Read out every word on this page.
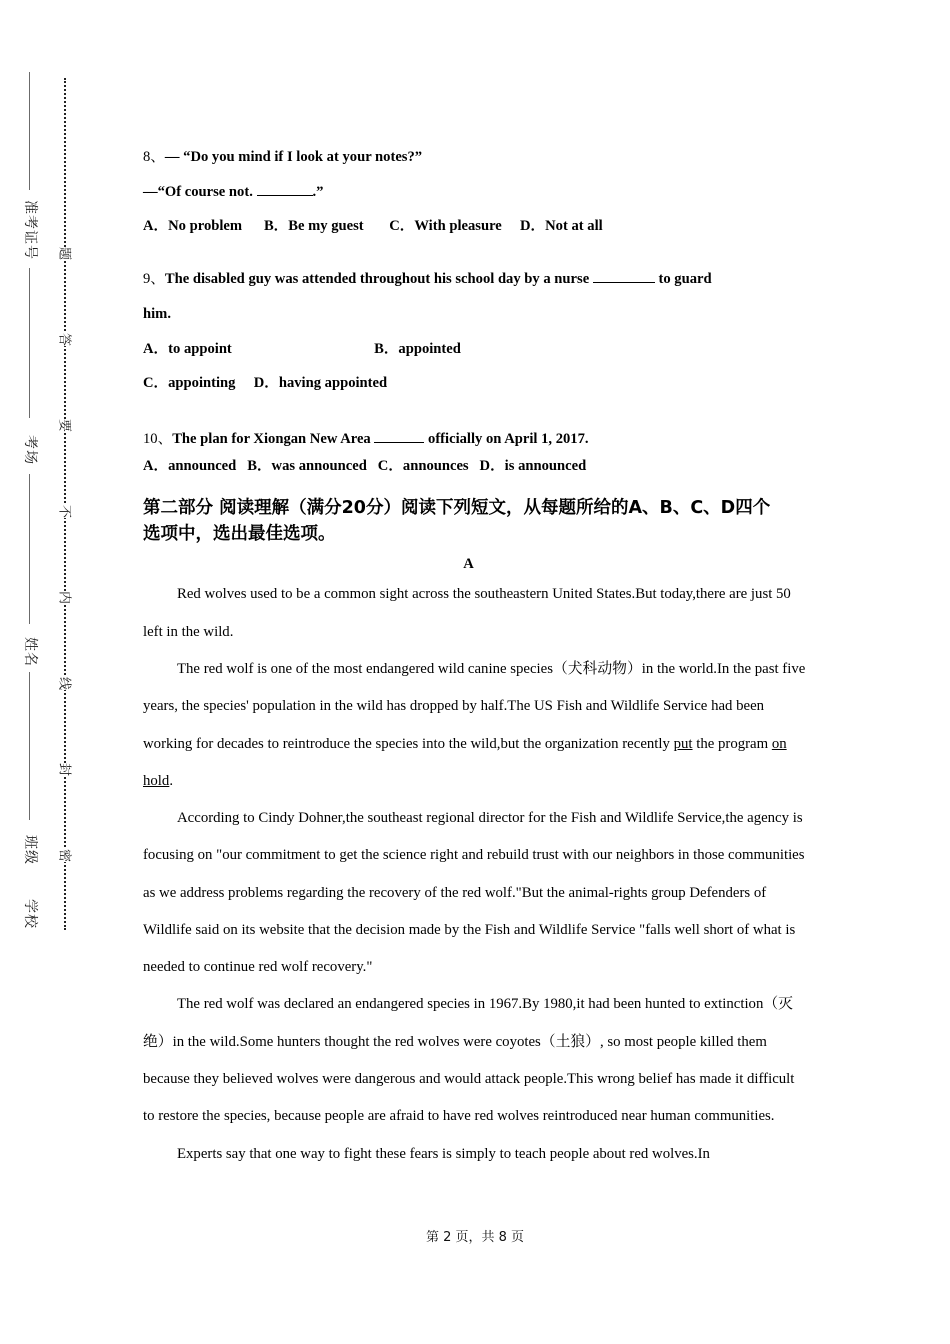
准考证号
考场
姓名
班级
学校
题
答
要
不
内
线
封
密

8、— “Do you mind if I look at your notes?”

—“Of course not.	.”

A．No problem      B．Be my guest       C．With pleasure     D．Not at all

9、The disabled guy was attended throughout his school day by a nurse	to guard

him.

A．to appoint                                       B．appointed

C．appointing     D．having appointed

10、The plan for Xiongan New Area	officially on April 1, 2017.

A．announced   B．was announced   C．announces   D．is announced

第二部分 阅读理解（满分20分）阅读下列短文，从每题所给的A、B、C、D四个

选项中，选出最佳选项。

A

Red wolves used to be a common sight across the southeastern United States.But today,there are just 50 left in the wild.

The red wolf is one of the most endangered wild canine species（犬科动物）in the world.In the past five years, the species' population in the wild has dropped by half.The US Fish and Wildlife Service had been working for decades to reintroduce the species into the wild,but the organization recently put the program on hold.

According to Cindy Dohner,the southeast regional director for the Fish and Wildlife Service,the agency is focusing on "our commitment to get the science right and rebuild trust with our neighbors in those communities as we address problems regarding the recovery of the red wolf."But the animal-rights group Defenders of Wildlife said on its website that the decision made by the Fish and Wildlife Service "falls well short of what is needed to continue red wolf recovery."

The red wolf was declared an endangered species in 1967.By 1980,it had been hunted to extinction（灭绝）in the wild.Some hunters thought the red wolves were coyotes（土狼）, so most people killed them because they believed wolves were dangerous and would attack people.This wrong belief has made it difficult to restore the species, because people are afraid to have red wolves reintroduced near human communities.

Experts say that one way to fight these fears is simply to teach people about red wolves.In

第 2 页，共 8 页
